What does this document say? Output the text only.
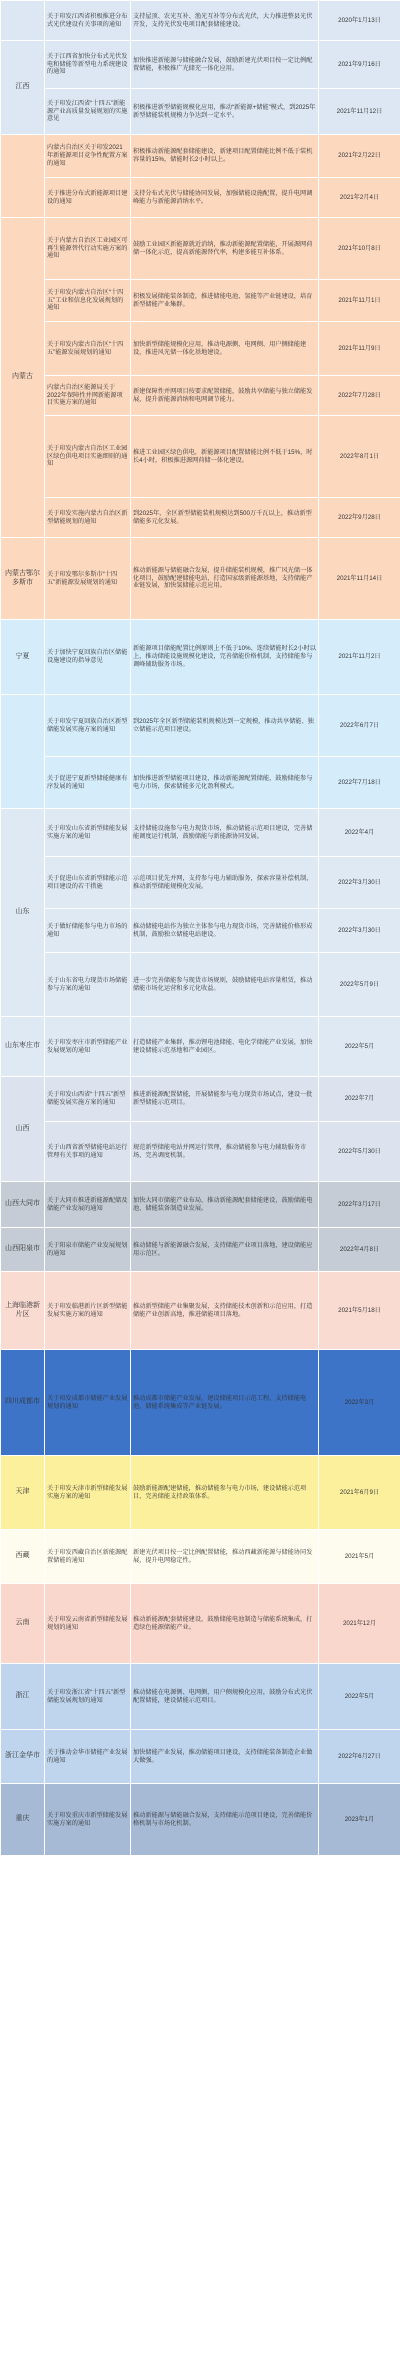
	关于印发江西省积极推进分布式光伏建设有关事项的通知	支持屋顶、农光互补、渔光互补等分布式光伏，大力推进整县光伏开发，支持光伏发电项目配套储能建设。	2020年1月13日
江西	关于江西省加快分布式光伏发电和储能等新型电力系统建设的通知	加快推进新能源与储能融合发展，鼓励新建光伏项目按一定比例配置储能，积极推广光储充一体化应用。	2021年9月16日
	关于印发江西省“十四五”新能源产业高质量发展规划的实施意见	积极推进新型储能规模化应用，推动“新能源+储能”模式，到2025年新型储能装机规模力争达到一定水平。	2021年11月12日
	内蒙古自治区关于印发2021年新能源项目竞争性配置方案的通知	积极推动新能源配套储能建设，新建项目配置储能比例不低于装机容量的15%，储能时长2小时以上。	2021年2月22日
	关于推进分布式新能源项目建设的通知	支持分布式光伏与储能协同发展，加强储能设施配置，提升电网调峰能力与新能源消纳水平。	2021年2月4日
内蒙古	关于内蒙古自治区工业园区可再生能源替代行动实施方案的通知	鼓励工业园区新能源就近消纳，推动新能源配置储能，开展源网荷储一体化示范，提高新能源替代率，构建多能互补体系。	2021年10月8日
	关于印发内蒙古自治区“十四五”工业和信息化发展规划的通知	积极发展储能装备制造，推进储能电池、氢能等产业链建设，培育新型储能产业集群。	2021年11月1日
	关于印发内蒙古自治区“十四五”能源发展规划的通知	加快新型储能规模化应用，推动电源侧、电网侧、用户侧储能建设，推进风光储一体化基地建设。	2021年11月9日
	内蒙古自治区能源局关于2022年保障性并网新能源项目实施方案的通知	新建保障性并网项目按要求配置储能，鼓励共享储能与独立储能发展，提升新能源消纳和电网调节能力。	2022年7月28日
	关于印发内蒙古自治区工业园区绿色供电项目实施细则的通知	推进工业园区绿色供电，新能源项目配置储能比例不低于15%，时长4小时，积极推进源网荷储一体化建设。	2022年8月1日
	关于印发实施内蒙古自治区新型储能规划的通知	到2025年，全区新型储能装机规模达到500万千瓦以上，推动新型储能多元化发展。	2022年9月28日
内蒙古鄂尔多斯市	关于印发鄂尔多斯市“十四五”新能源发展规划的通知	推动新能源与储能融合发展，提升储能装机规模，推广风光储一体化项目，鼓励配建储能电站，打造国家级新能源基地，支持储能产业链发展，加快氢储能示范应用。	2021年11月14日
宁夏	关于加快宁夏回族自治区储能设施建设的指导意见	新能源项目储能配置比例原则上不低于10%、连续储能时长2小时以上，推动储能设施规模化建设，完善储能价格机制，支持储能参与调峰辅助服务市场。	2021年11月2日
	关于印发宁夏回族自治区新型储能发展实施方案的通知	到2025年全区新型储能装机规模达到一定规模，推动共享储能、独立储能示范项目建设。	2022年6月7日
	关于促进宁夏新型储能健康有序发展的通知	加快推进新型储能项目建设，推动新能源配置储能，鼓励储能参与电力市场，探索储能多元化盈利模式。	2022年7月18日
山东	关于印发山东省新型储能发展实施方案的通知	支持储能设施参与电力现货市场，推动储能示范项目建设，完善储能调度运行机制，鼓励储能与新能源协同发展。	2022年4月
	关于促进山东省新型储能示范项目建设的若干措施	示范项目优先并网，支持参与电力辅助服务，探索容量补偿机制，推动新型储能规模化发展。	2022年3月30日
	关于做好储能参与电力市场的通知	推动储能电站作为独立主体参与电力现货市场，完善储能价格形成机制，鼓励独立储能电站建设。	2022年3月30日
	关于山东省电力现货市场储能参与方案的通知	进一步完善储能参与现货市场规则，鼓励储能电站容量租赁，推动储能市场化运营和多元化收益。	2022年5月9日
山东枣庄市	关于印发枣庄市新型储能产业发展规划的通知	打造储能产业集群，推动锂电池储能、电化学储能产业发展，加快建设储能示范基地和产业园区。	2022年5月
山西	关于印发山西省“十四五”新型储能发展实施方案的通知	推进新能源配置储能，开展储能参与电力现货市场试点，建设一批新型储能示范项目。	2022年7月
	关于山西省新型储能电站运行管理有关事项的通知	规范新型储能电站并网运行管理，推动储能参与电力辅助服务市场，完善调度机制。	2022年5月30日
山西大同市	关于大同市推进新能源配储及储能产业发展的通知	加快大同市储能产业布局，推动新能源配套储能建设，鼓励储能电池、储能装备制造业发展。	2022年3月17日
山西阳泉市	关于阳泉市储能产业发展规划的通知	推动储能与新能源融合发展，支持储能产业项目落地，建设储能应用示范区。	2022年4月8日
上海临港新片区	关于印发临港新片区新型储能发展实施方案的通知	推动新型储能产业集聚发展，支持储能技术创新和示范应用，打造储能产业创新高地，推进储能项目落地。	2021年5月18日
四川成都市	关于印发成都市储能产业发展规划的通知	推动成都市储能产业发展，建设储能项目示范工程，支持储能电池、储能系统集成等产业链发展。	2022年3月
天津	关于印发天津市新型储能发展实施方案的通知	鼓励新能源配建储能，推动储能参与电力市场，建设储能示范项目，完善储能支持政策体系。	2021年6月9日
西藏	关于印发西藏自治区新能源配置储能的通知	新建光伏项目按一定比例配置储能，推动西藏新能源与储能协同发展，提升电网稳定性。	2021年5月
云南	关于印发云南省新型储能发展规划的通知	推动新能源配套储能建设，鼓励储能电池制造与储能系统集成，打造绿色能源储能产业。	2021年12月
浙江	关于印发浙江省“十四五”新型储能发展规划的通知	推动储能在电源侧、电网侧、用户侧规模化应用，鼓励分布式光伏配置储能，建设储能示范项目。	2022年5月
浙江金华市	关于推动金华市储能产业发展的通知	加快储能产业发展，推动储能项目建设，支持储能装备制造企业做大做强。	2022年6月27日
重庆	关于印发重庆市新型储能发展实施方案的通知	推动新能源与储能融合发展，支持储能示范项目建设，完善储能价格机制与市场化机制。	2023年1月
